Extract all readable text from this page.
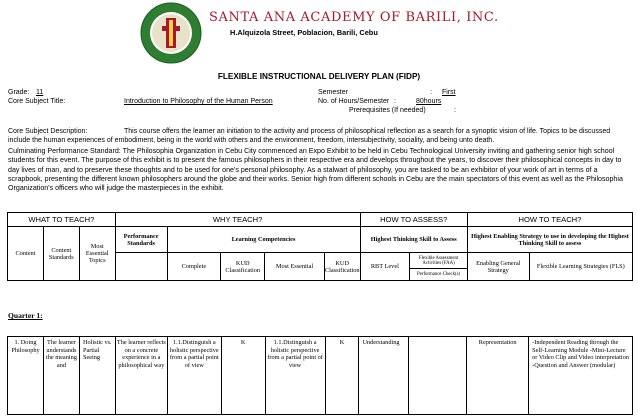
SANTA ANA ACADEMY OF BARILI, INC.
H.Alquizola Street, Poblacion, Barili, Cebu
FLEXIBLE INSTRUCTIONAL DELIVERY PLAN (FIDP)
Grade: 11
Core Subject Title:	Introduction to Philosophy of the Human Person
Semester	: First
No. of Hours/Semester :	80hours
Prerequisites (If needed)	:
Core Subject Description:	This course offers the learner an initiation to the activity and process of philosophical reflection as a search for a synoptic vision of life. Topics to be discussed include the human experiences of embodiment, being in the world with others and the environment, freedom, intersubjectivity, sociality, and being unto death.
Culminating Performance Standard: The Philosophia Organization in Cebu City commenced an Expo Exhibit to be held in Cebu Technological University inviting and gathering senior high school students for this event. The purpose of this exhibit is to present the famous philosophers in their respective era and develops throughout the years, to discover their philosophical concepts in day to day lives of man, and to preserve these thoughts and to be used for one's personal philosophy. As a stalwart of philosophy, you are tasked to be an exhibitor of your work of art in terms of a scrapbook, presenting the different known philosophers around the globe and their works. Senior high from different schools in Cebu are the main spectators of this event as well as the Philosophia Organization's officers who will judge the masterpieces in the exhibit.
WHAT TO TEACH?			WHY TEACH?					HOW TO ASSESS?		HOW TO TEACH?	
Content	Content Standards	Most Essential Topics	Performance Standards	Learning Competencies				Highest Thinking Skill to Assess		Highest Enabling Strategy to use in developing the Highest Thinking Skill to assess	
				Complete	KUD Classification	Most Essential	KUD Classification	RBT Level	Flexible Assessment Activities (FAA)	Enabling General Strategy	Flexible Learning Strategies (FLS)
									Performance Check(s)		
Quarter 1:
1. Doing Philosophy	The learner understands the meaning and	Holistic vs. Partial Seeing	The learner reflects on a concrete experience in a philosophical way	1.1.Distinguish a holistic perspective from a partial point of view	K	1.1.Distinguish a holistic perspective from a partial point of view	K	Understanding		Representation	-Independent Reading through the Self-Learning Module -Mini-Lecture or Video Clip and Video interpretation -Question and Answer (modular)
